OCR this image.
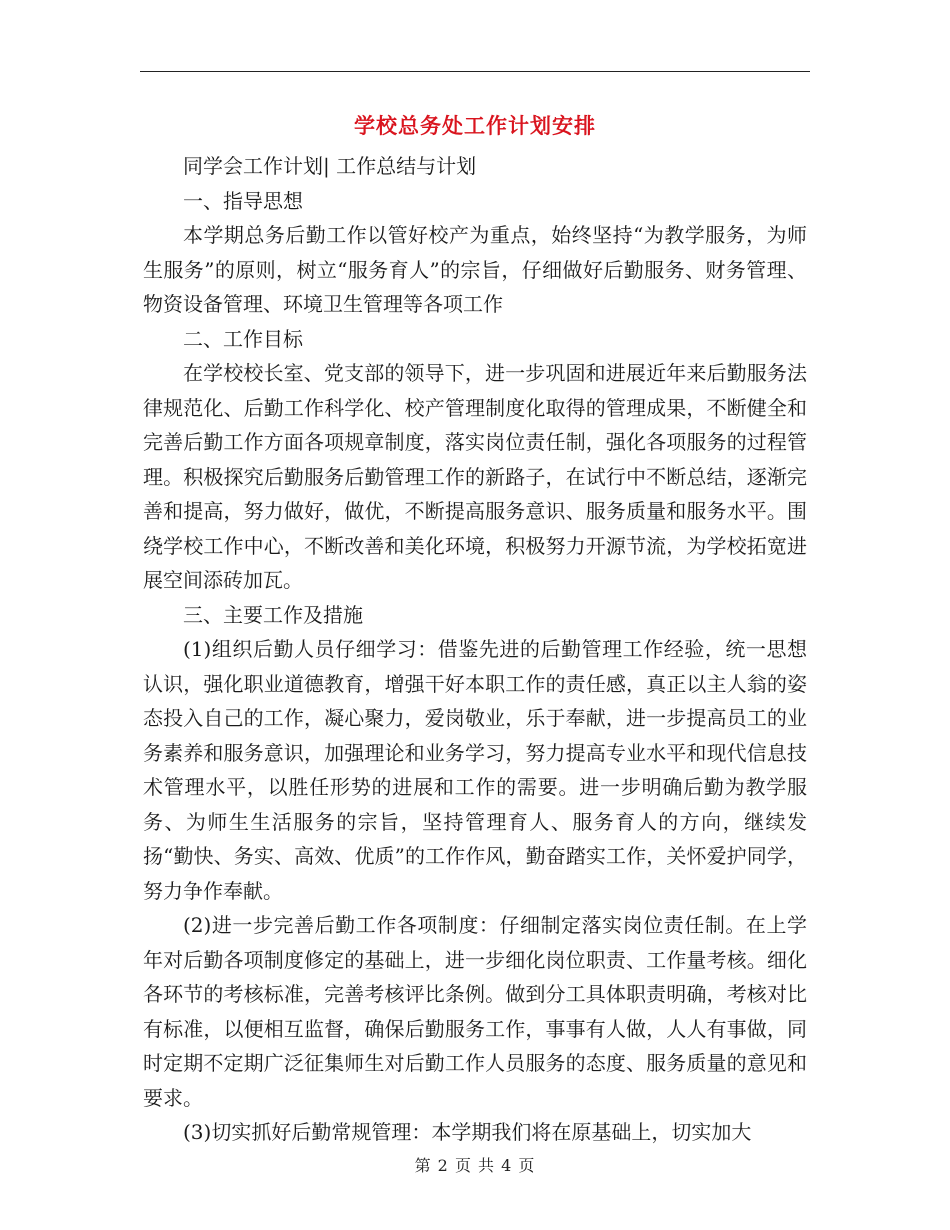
学校总务处工作计划安排

同学会工作计划| 工作总结与计划

一、指导思想

本学期总务后勤工作以管好校产为重点，始终坚持“为教学服务，为师生服务”的原则，树立“服务育人”的宗旨，仔细做好后勤服务、财务管理、物资设备管理、环境卫生管理等各项工作

二、工作目标

在学校校长室、党支部的领导下，进一步巩固和进展近年来后勤服务法律规范化、后勤工作科学化、校产管理制度化取得的管理成果，不断健全和完善后勤工作方面各项规章制度，落实岗位责任制，强化各项服务的过程管理。积极探究后勤服务后勤管理工作的新路子，在试行中不断总结，逐渐完善和提高，努力做好，做优，不断提高服务意识、服务质量和服务水平。围绕学校工作中心，不断改善和美化环境，积极努力开源节流，为学校拓宽进展空间添砖加瓦。

三、主要工作及措施

(1)组织后勤人员仔细学习：借鉴先进的后勤管理工作经验，统一思想认识，强化职业道德教育，增强干好本职工作的责任感，真正以主人翁的姿态投入自己的工作，凝心聚力，爱岗敬业，乐于奉献，进一步提高员工的业务素养和服务意识，加强理论和业务学习，努力提高专业水平和现代信息技术管理水平，以胜任形势的进展和工作的需要。进一步明确后勤为教学服务、为师生生活服务的宗旨，坚持管理育人、服务育人的方向，继续发扬“勤快、务实、高效、优质”的工作作风，勤奋踏实工作，关怀爱护同学，努力争作奉献。

(2)进一步完善后勤工作各项制度：仔细制定落实岗位责任制。在上学年对后勤各项制度修定的基础上，进一步细化岗位职责、工作量考核。细化各环节的考核标准，完善考核评比条例。做到分工具体职责明确，考核对比有标准，以便相互监督，确保后勤服务工作，事事有人做，人人有事做，同时定期不定期广泛征集师生对后勤工作人员服务的态度、服务质量的意见和要求。

(3)切实抓好后勤常规管理：本学期我们将在原基础上，切实加大

第 2 页 共 4 页
